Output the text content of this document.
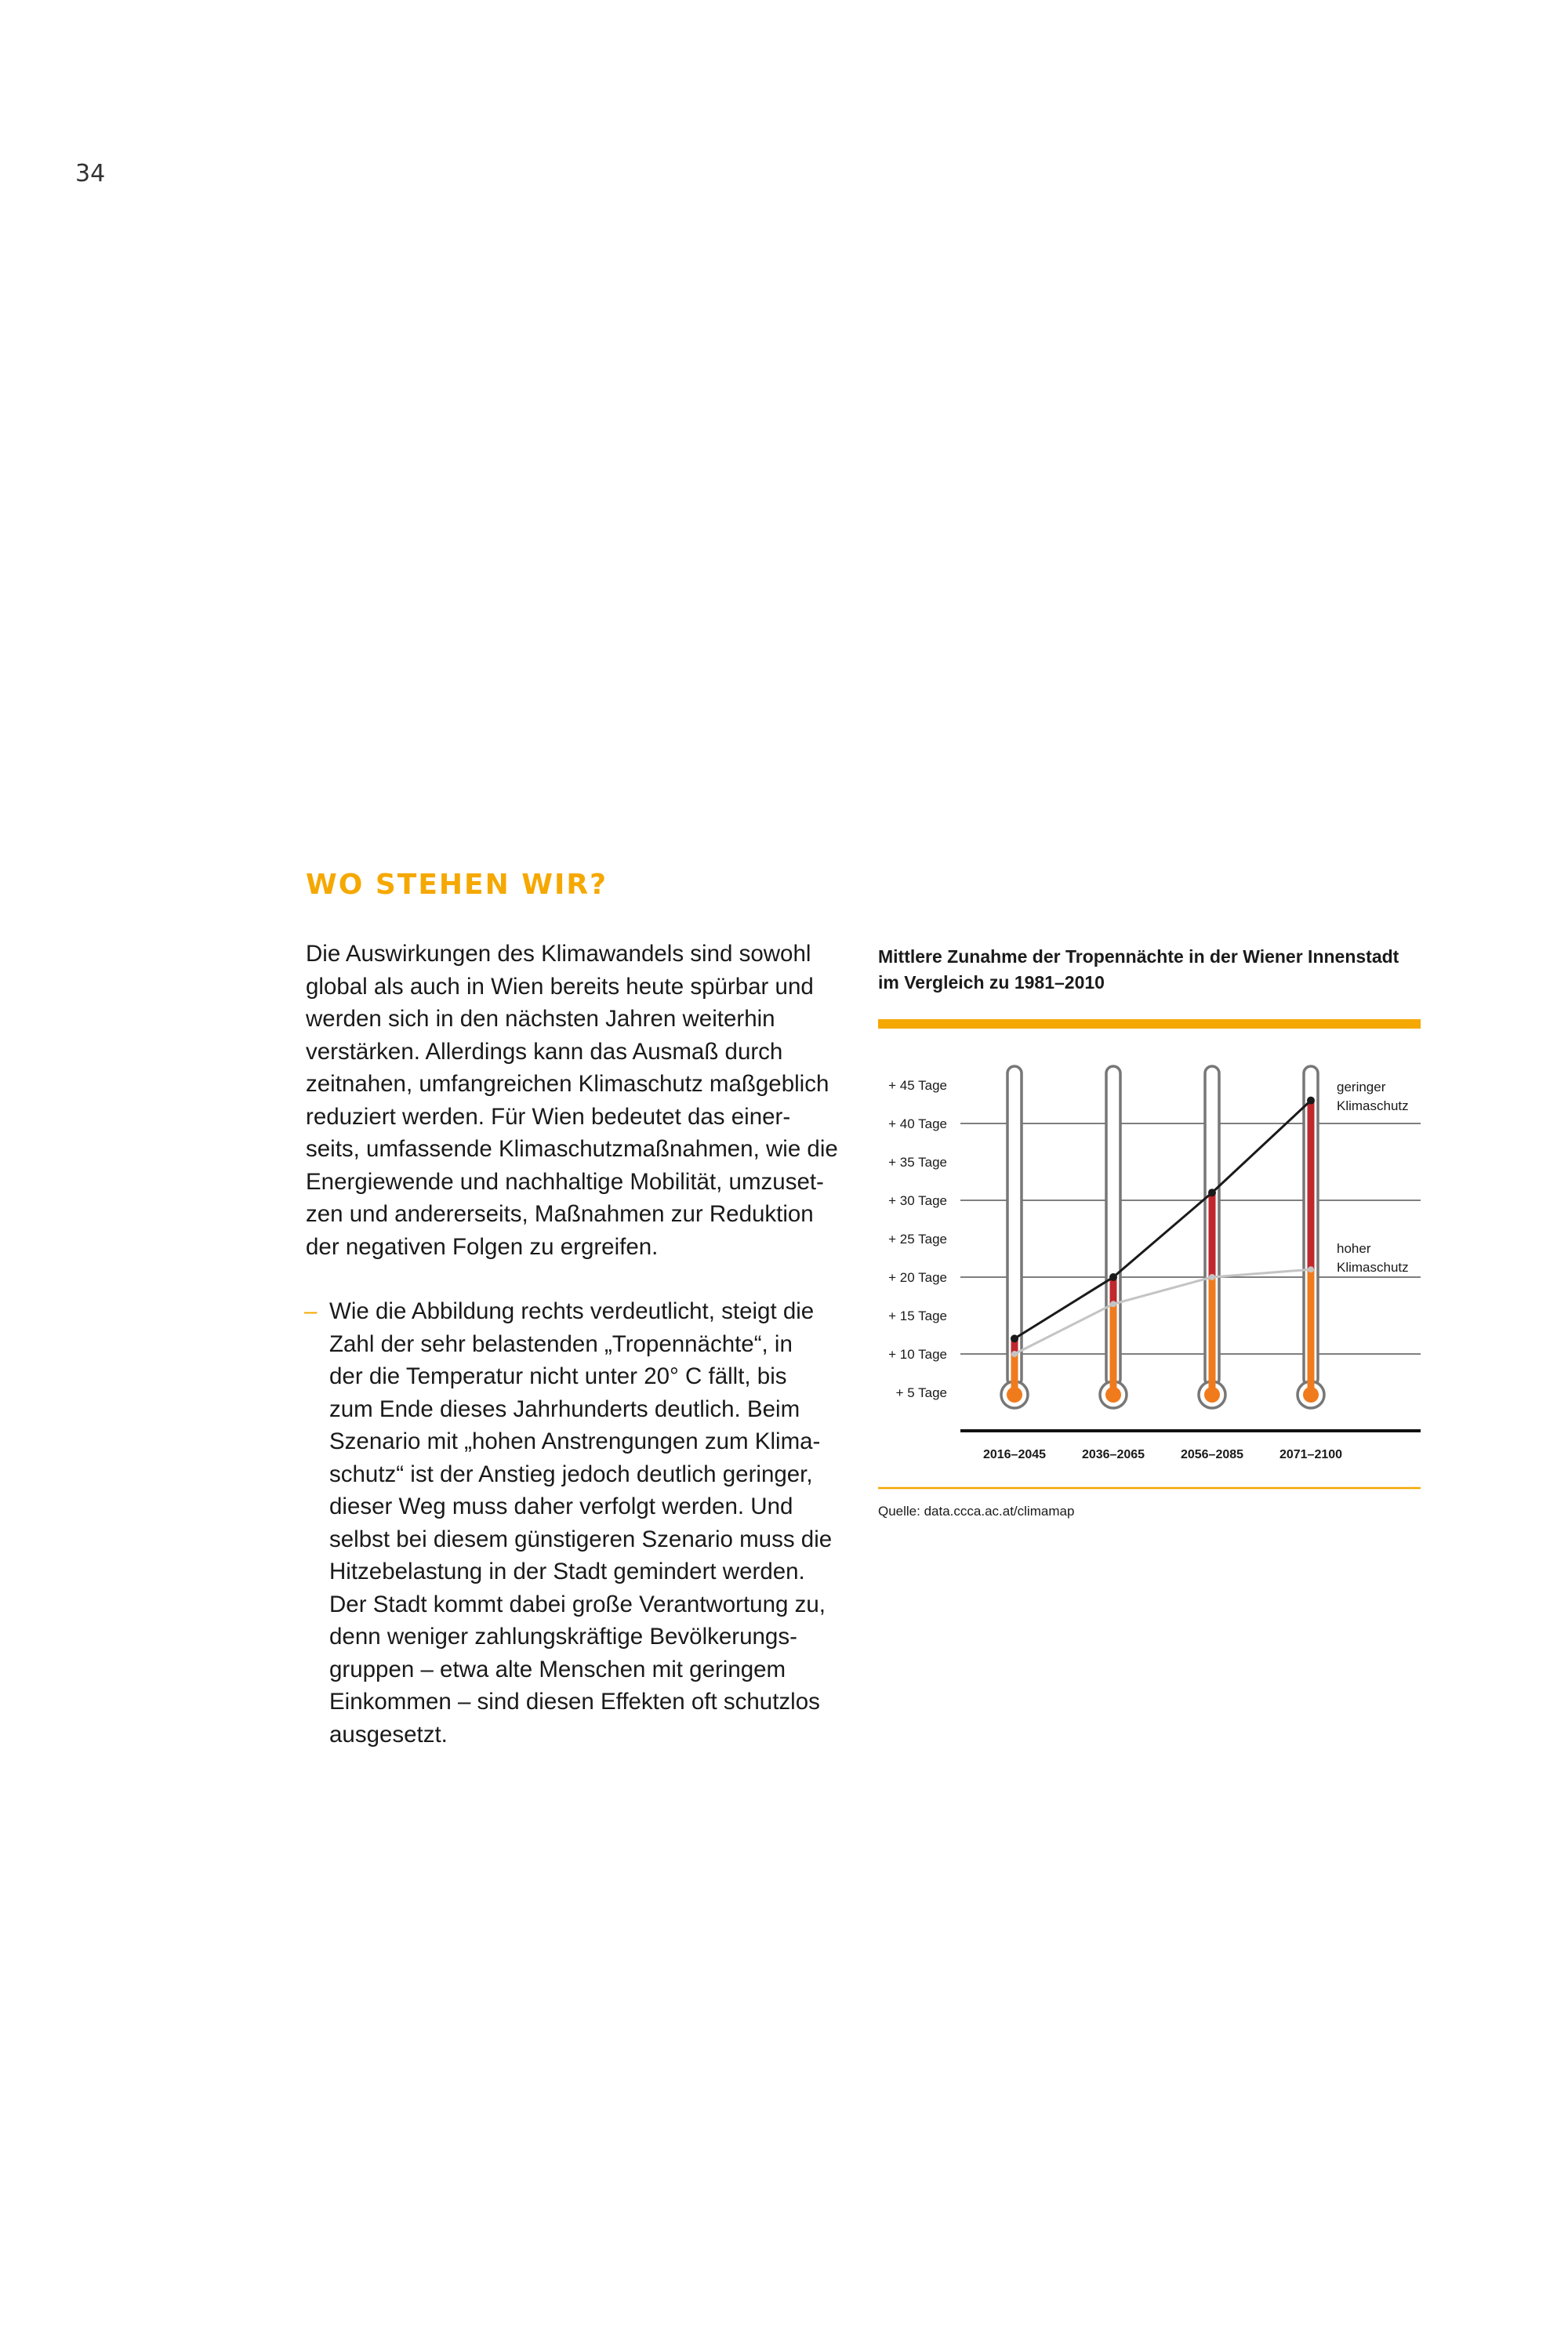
34
WO STEHEN WIR?

Die Auswirkungen des Klimawandels sind sowohl
global als auch in Wien bereits heute spürbar und
werden sich in den nächsten Jahren weiterhin
verstärken. Allerdings kann das Ausmaß durch
zeitnahen, umfangreichen Klimaschutz maßgeblich
reduziert werden. Für Wien bedeutet das einer-
seits, umfassende Klimaschutzmaßnahmen, wie die
Energiewende und nachhaltige Mobilität, umzuset-
zen und andererseits, Maßnahmen zur Reduktion
der negativen Folgen zu ergreifen.

– Wie die Abbildung rechts verdeutlicht, steigt die
Zahl der sehr belastenden „Tropennächte“, in
der die Temperatur nicht unter 20° C fällt, bis
zum Ende dieses Jahrhunderts deutlich. Beim
Szenario mit „hohen Anstrengungen zum Klima-
schutz“ ist der Anstieg jedoch deutlich geringer,
dieser Weg muss daher verfolgt werden. Und
selbst bei diesem günstigeren Szenario muss die
Hitzebelastung in der Stadt gemindert werden.
Der Stadt kommt dabei große Verantwortung zu,
denn weniger zahlungskräftige Bevölkerungs-
gruppen – etwa alte Menschen mit geringem
Einkommen – sind diesen Effekten oft schutzlos
ausgesetzt.

Mittlere Zunahme der Tropennächte in der Wiener Innenstadt
im Vergleich zu 1981–2010
+ 5 Tage
+ 10 Tage
+ 15 Tage
+ 20 Tage
+ 25 Tage
+ 30 Tage
+ 35 Tage
+ 40 Tage
+ 45 Tage
2016–2045	2036–2065	2056–2085	2071–2100
geringer
Klimaschutz
hoher
Klimaschutz
Quelle: data.ccca.ac.at/climamap
